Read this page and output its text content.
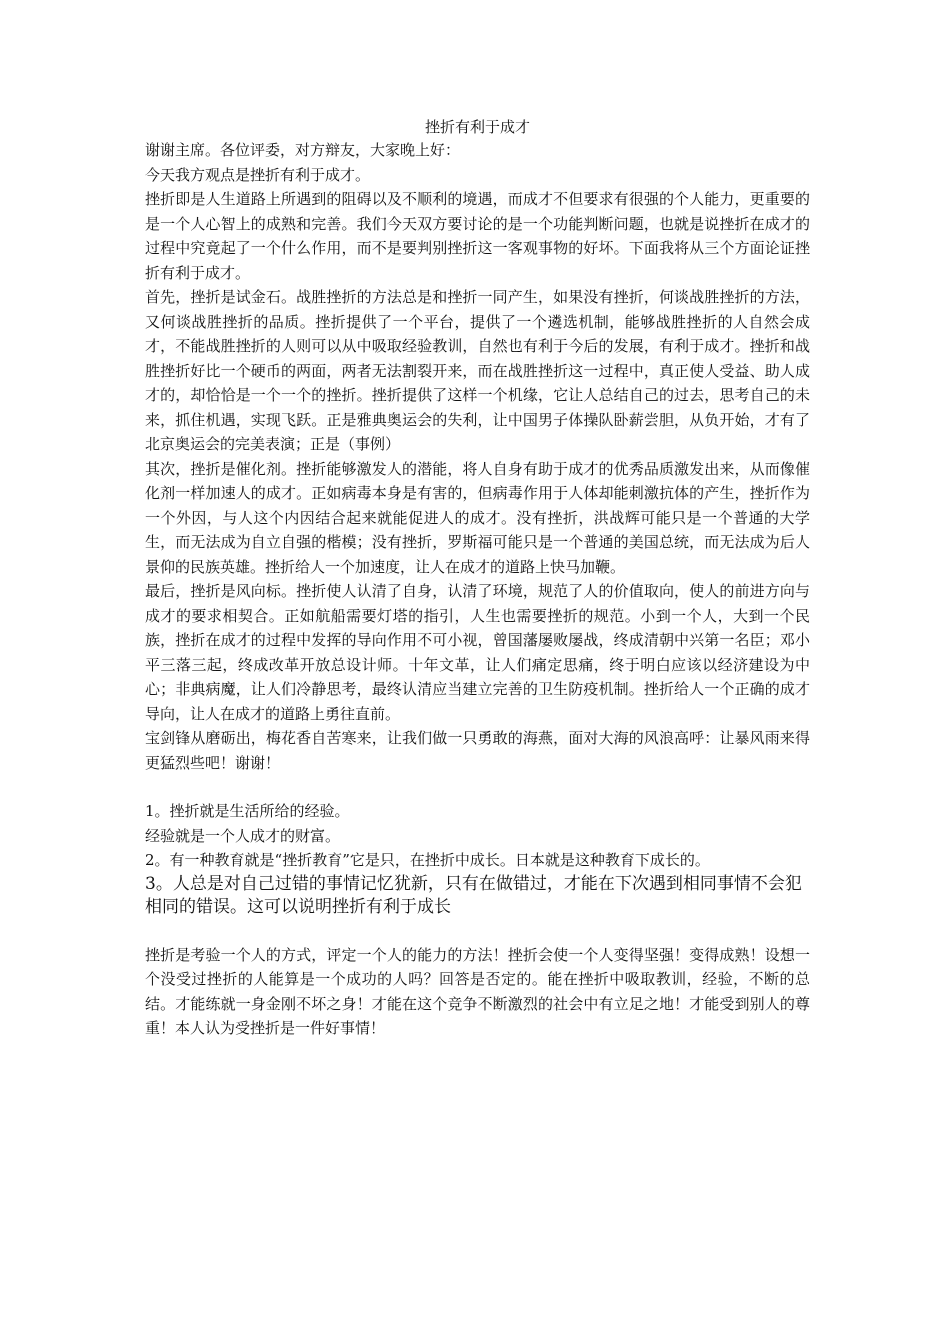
挫折有利于成才

谢谢主席。各位评委，对方辩友，大家晚上好：

今天我方观点是挫折有利于成才。

挫折即是人生道路上所遇到的阻碍以及不顺利的境遇，而成才不但要求有很强的个人能力，更重要的是一个人心智上的成熟和完善。我们今天双方要讨论的是一个功能判断问题，也就是说挫折在成才的过程中究竟起了一个什么作用，而不是要判别挫折这一客观事物的好坏。下面我将从三个方面论证挫折有利于成才。

首先，挫折是试金石。战胜挫折的方法总是和挫折一同产生，如果没有挫折，何谈战胜挫折的方法，又何谈战胜挫折的品质。挫折提供了一个平台，提供了一个遴选机制，能够战胜挫折的人自然会成才，不能战胜挫折的人则可以从中吸取经验教训，自然也有利于今后的发展，有利于成才。挫折和战胜挫折好比一个硬币的两面，两者无法割裂开来，而在战胜挫折这一过程中，真正使人受益、助人成才的，却恰恰是一个一个的挫折。挫折提供了这样一个机缘，它让人总结自己的过去，思考自己的未来，抓住机遇，实现飞跃。正是雅典奥运会的失利，让中国男子体操队卧薪尝胆，从负开始，才有了北京奥运会的完美表演；正是（事例）

其次，挫折是催化剂。挫折能够激发人的潜能，将人自身有助于成才的优秀品质激发出来，从而像催化剂一样加速人的成才。正如病毒本身是有害的，但病毒作用于人体却能刺激抗体的产生，挫折作为一个外因，与人这个内因结合起来就能促进人的成才。没有挫折，洪战辉可能只是一个普通的大学生，而无法成为自立自强的楷模；没有挫折，罗斯福可能只是一个普通的美国总统，而无法成为后人景仰的民族英雄。挫折给人一个加速度，让人在成才的道路上快马加鞭。

最后，挫折是风向标。挫折使人认清了自身，认清了环境，规范了人的价值取向，使人的前进方向与成才的要求相契合。正如航船需要灯塔的指引，人生也需要挫折的规范。小到一个人，大到一个民族，挫折在成才的过程中发挥的导向作用不可小视，曾国藩屡败屡战，终成清朝中兴第一名臣；邓小平三落三起，终成改革开放总设计师。十年文革，让人们痛定思痛，终于明白应该以经济建设为中心；非典病魔，让人们冷静思考，最终认清应当建立完善的卫生防疫机制。挫折给人一个正确的成才导向，让人在成才的道路上勇往直前。

宝剑锋从磨砺出，梅花香自苦寒来，让我们做一只勇敢的海燕，面对大海的风浪高呼：让暴风雨来得更猛烈些吧！谢谢！

1。挫折就是生活所给的经验。

经验就是一个人成才的财富。

2。有一种教育就是“挫折教育”它是只，在挫折中成长。日本就是这种教育下成长的。

3。人总是对自己过错的事情记忆犹新，只有在做错过，才能在下次遇到相同事情不会犯相同的错误。这可以说明挫折有利于成长

挫折是考验一个人的方式，评定一个人的能力的方法！挫折会使一个人变得坚强！变得成熟！设想一个没受过挫折的人能算是一个成功的人吗？回答是否定的。能在挫折中吸取教训，经验，不断的总结。才能练就一身金刚不坏之身！才能在这个竞争不断激烈的社会中有立足之地！才能受到别人的尊重！本人认为受挫折是一件好事情！
